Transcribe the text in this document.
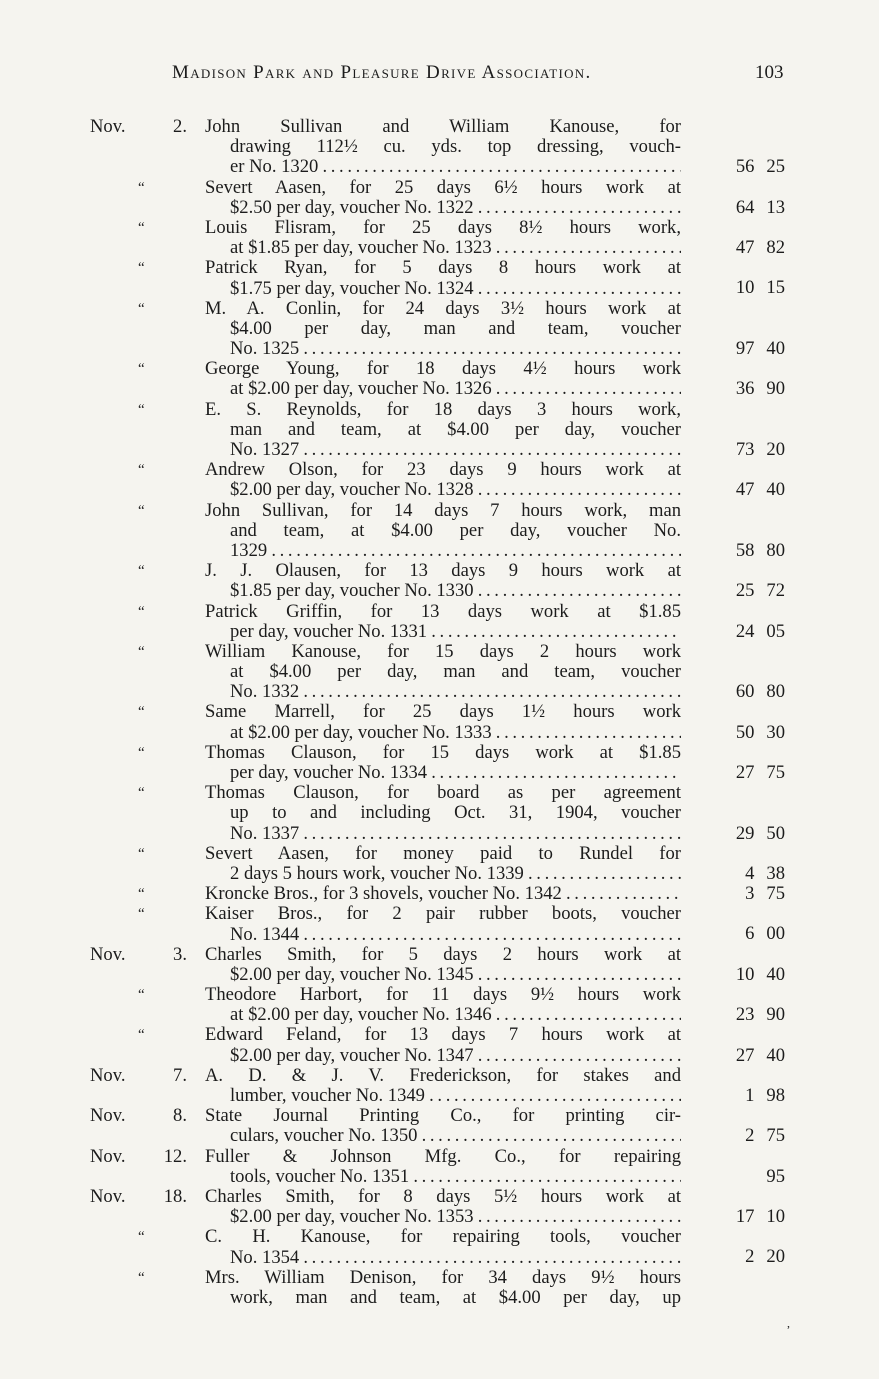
Madison Park and Pleasure Drive Association.	103
Nov.	2. John Sullivan and William Kanouse, for
drawing 112½ cu. yds. top dressing, vouch-
er No. 1320 . . .	56 25
“	Severt Aasen, for 25 days 6½ hours work at
$2.50 per day, voucher No. 1322 . . .	64 13
“	Louis Flisram, for 25 days 8½ hours work,
at $1.85 per day, voucher No. 1323 . . .	47 82
“	Patrick Ryan, for 5 days 8 hours work at
$1.75 per day, voucher No. 1324 . . .	10 15
“	M. A. Conlin, for 24 days 3½ hours work at
$4.00 per day, man and team, voucher
No. 1325 . . .	97 40
“	George Young, for 18 days 4½ hours work
at $2.00 per day, voucher No. 1326 . . .	36 90
“	E. S. Reynolds, for 18 days 3 hours work,
man and team, at $4.00 per day, voucher
No. 1327 . . .	73 20
“	Andrew Olson, for 23 days 9 hours work at
$2.00 per day, voucher No. 1328 . . .	47 40
“	John Sullivan, for 14 days 7 hours work, man
and team, at $4.00 per day, voucher No.
1329 . . .	58 80
“	J. J. Olausen, for 13 days 9 hours work at
$1.85 per day, voucher No. 1330 . . .	25 72
“	Patrick Griffin, for 13 days work at $1.85
per day, voucher No. 1331 . . .	24 05
“	William Kanouse, for 15 days 2 hours work
at $4.00 per day, man and team, voucher
No. 1332 . . .	60 80
“	Same Marrell, for 25 days 1½ hours work
at $2.00 per day, voucher No. 1333 . . .	50 30
“	Thomas Clauson, for 15 days work at $1.85
per day, voucher No. 1334 . . .	27 75
“	Thomas Clauson, for board as per agreement
up to and including Oct. 31, 1904, voucher
No. 1337 . . .	29 50
“	Severt Aasen, for money paid to Rundel for
2 days 5 hours work, voucher No. 1339 . . .	4 38
“	Kroncke Bros., for 3 shovels, voucher No. 1342 . . .	3 75
“	Kaiser Bros., for 2 pair rubber boots, voucher
No. 1344 . . .	6 00
Nov.	3. Charles Smith, for 5 days 2 hours work at
$2.00 per day, voucher No. 1345 . . .	10 40
“	Theodore Harbort, for 11 days 9½ hours work
at $2.00 per day, voucher No. 1346 . . .	23 90
“	Edward Feland, for 13 days 7 hours work at
$2.00 per day, voucher No. 1347 . . .	27 40
Nov.	7. A. D. & J. V. Frederickson, for stakes and
lumber, voucher No. 1349 . . .	1 98
Nov.	8. State Journal Printing Co., for printing cir-
culars, voucher No. 1350 . . .	2 75
Nov.	12. Fuller & Johnson Mfg. Co., for repairing
tools, voucher No. 1351 . . .	95
Nov.	18. Charles Smith, for 8 days 5½ hours work at
$2.00 per day, voucher No. 1353 . . .	17 10
“	C. H. Kanouse, for repairing tools, voucher
No. 1354 . . .	2 20
“	Mrs. William Denison, for 34 days 9½ hours
work, man and team, at $4.00 per day, up
,
